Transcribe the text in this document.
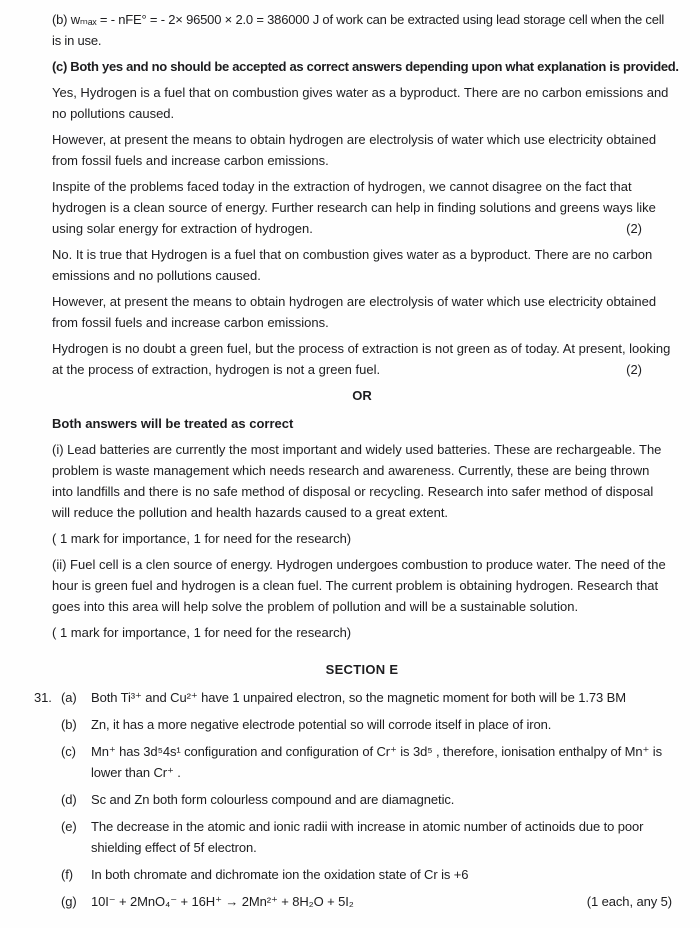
(b) wₘₐₓ = - nFE° = - 2× 96500 × 2.0 = 386000 J of work can be extracted using lead storage cell when the cell is in use.

(c) Both yes and no should be accepted as correct answers depending upon what explanation is provided.

Yes, Hydrogen is a fuel that on combustion gives water as a byproduct. There are no carbon emissions and no pollutions caused.

However, at present the means to obtain hydrogen are electrolysis of water which use electricity obtained from fossil fuels and increase carbon emissions.

Inspite of the problems faced today in the extraction of hydrogen, we cannot disagree on the fact that hydrogen is a clean source of energy. Further research can help in finding solutions and greens ways like using solar energy for extraction of hydrogen.	(2)

No. It is true that Hydrogen is a fuel that on combustion gives water as a byproduct. There are no carbon emissions and no pollutions caused.

However, at present the means to obtain hydrogen are electrolysis of water which use electricity obtained from fossil fuels and increase carbon emissions.

Hydrogen is no doubt a green fuel, but the process of extraction is not green as of today. At present, looking at the process of extraction, hydrogen is not a green fuel.	(2)

OR

Both answers will be treated as correct

(i) Lead batteries are currently the most important and widely used batteries. These are rechargeable. The problem is waste management which needs research and awareness. Currently, these are being thrown into landfills and there is no safe method of disposal or recycling. Research into safer method of disposal will reduce the pollution and health hazards caused to a great extent.

( 1 mark for importance, 1 for need for the research)

(ii) Fuel cell is a clen source of energy. Hydrogen undergoes combustion to produce water. The need of the hour is green fuel and hydrogen is a clean fuel. The current problem is obtaining hydrogen. Research that goes into this area will help solve the problem of pollution and will be a sustainable solution.

( 1 mark for importance, 1 for need for the research)

SECTION E
31. (a)	Both Ti³⁺ and Cu²⁺ have 1 unpaired electron, so the magnetic moment for both will be 1.73 BM
(b)	Zn, it has a more negative electrode potential so will corrode itself in place of iron.
(c)	Mn⁺ has 3d⁵4s¹ configuration and configuration of Cr⁺ is 3d⁵ , therefore, ionisation enthalpy of Mn⁺ is lower than Cr⁺ .
(d)	Sc and Zn both form colourless compound and are diamagnetic.
(e)	The decrease in the atomic and ionic radii with increase in atomic number of actinoids due to poor shielding effect of 5f electron.
(f)	In both chromate and dichromate ion the oxidation state of Cr is +6
(g)	10I⁻ + 2MnO₄⁻ + 16H⁺ → 2Mn²⁺ + 8H₂O + 5I₂	(1 each, any 5)
